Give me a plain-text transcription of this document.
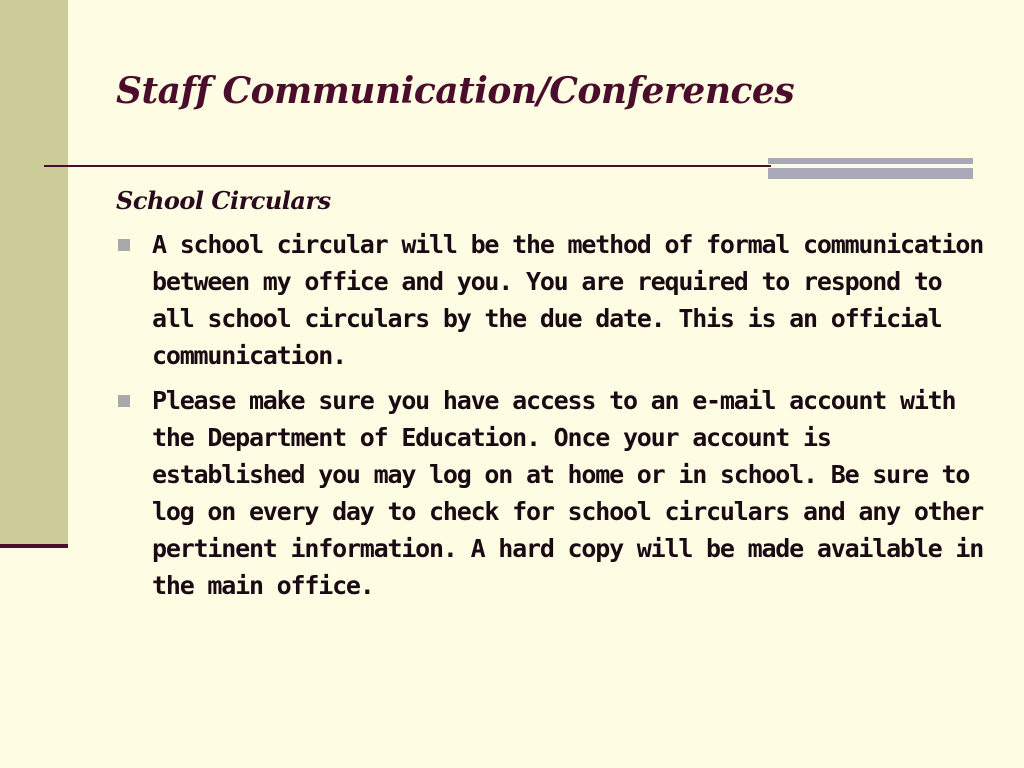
Staff Communication/Conferences
School Circulars
A school circular will be the method of formal communication between my office and you. You are required to respond to all school circulars by the due date. This is an official communication.
Please make sure you have access to an e-mail account with the Department of Education. Once your account is established you may log on at home or in school. Be sure to log on every day to check for school circulars and any other pertinent information. A hard copy will be made available in the main office.
